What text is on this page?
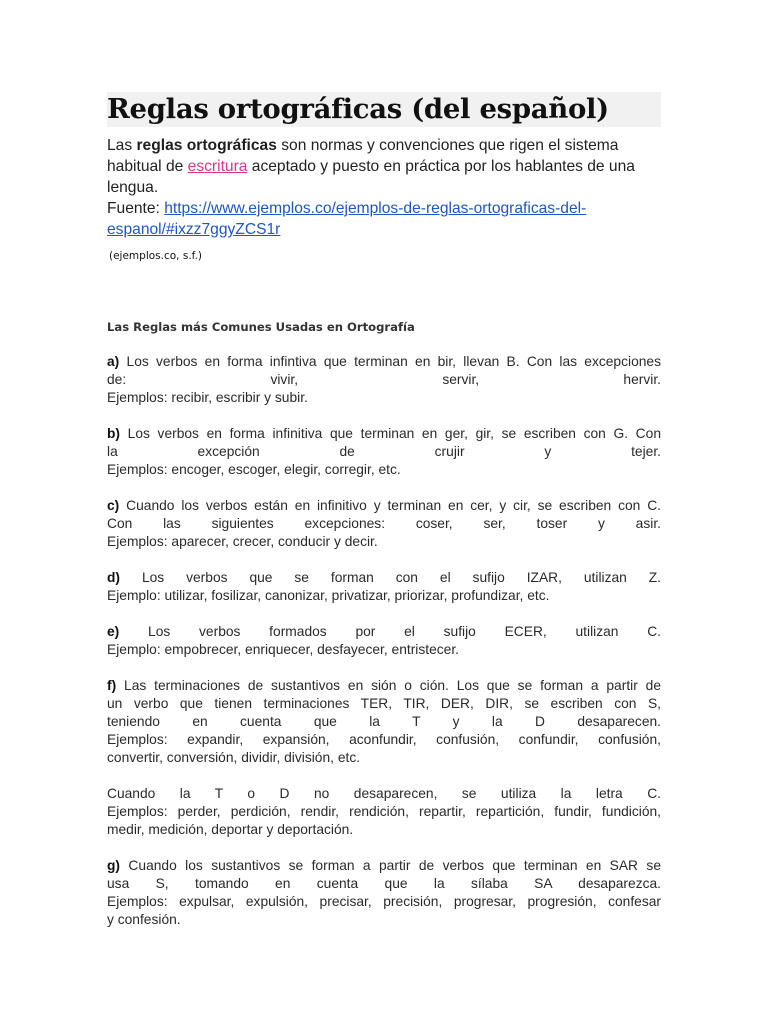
Reglas ortográficas (del español)
Las reglas ortográficas son normas y convenciones que rigen el sistema habitual de escritura aceptado y puesto en práctica por los hablantes de una lengua.
Fuente: https://www.ejemplos.co/ejemplos-de-reglas-ortograficas-del-
espanol/#ixzz7ggyZCS1r
(ejemplos.co, s.f.)
Las Reglas más Comunes Usadas en Ortografía
a) Los verbos en forma infintiva que terminan en bir, llevan B. Con las excepciones
de: vivir, servir, hervir.
Ejemplos: recibir, escribir y subir.
b) Los verbos en forma infinitiva que terminan en ger, gir, se escriben con G. Con
la excepción de crujir y tejer.
Ejemplos: encoger, escoger, elegir, corregir, etc.
c) Cuando los verbos están en infinitivo y terminan en cer, y cir, se escriben con C.
Con las siguientes excepciones: coser, ser, toser y asir.
Ejemplos: aparecer, crecer, conducir y decir.
d) Los verbos que se forman con el sufijo IZAR, utilizan Z.
Ejemplo: utilizar, fosilizar, canonizar, privatizar, priorizar, profundizar, etc.
e) Los verbos formados por el sufijo ECER, utilizan C.
Ejemplo: empobrecer, enriquecer, desfayecer, entristecer.
f) Las terminaciones de sustantivos en sión o ción. Los que se forman a partir de
un verbo que tienen terminaciones TER, TIR, DER, DIR, se escriben con S,
teniendo en cuenta que la T y la D desaparecen.
Ejemplos: expandir, expansión, aconfundir, confusión, confundir, confusión,
convertir, conversión, dividir, división, etc.
Cuando la T o D no desaparecen, se utiliza la letra C.
Ejemplos: perder, perdición, rendir, rendición, repartir, repartición, fundir, fundición,
medir, medición, deportar y deportación.
g) Cuando los sustantivos se forman a partir de verbos que terminan en SAR se
usa S, tomando en cuenta que la sílaba SA desaparezca.
Ejemplos: expulsar, expulsión, precisar, precisión, progresar, progresión, confesar
y confesión.
